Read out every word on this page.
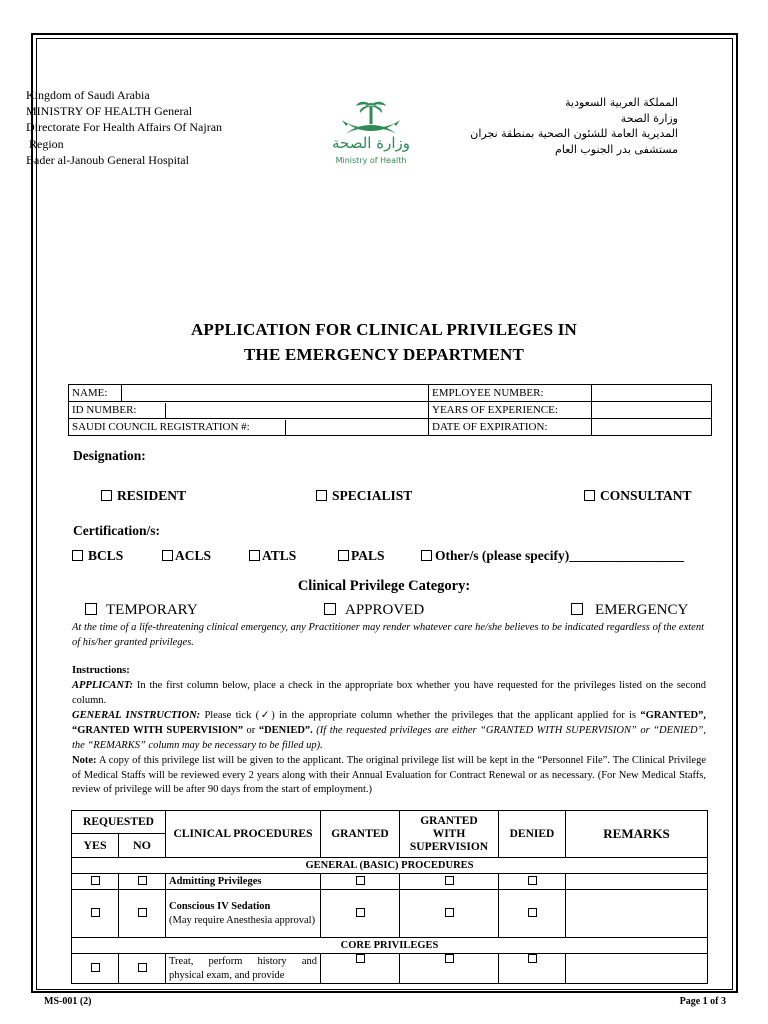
Kingdom of Saudi Arabia
MINISTRY OF HEALTH General
Directorate For Health Affairs Of Najran
Region
Bader al-Janoub General Hospital
وزارة الصحة
Ministry of Health
المملكة العربية السعودية
وزارة الصحة
المديرية العامة للشئون الصحية بمنطقة نجران
مستشفى بدر الجنوب العام
APPLICATION FOR CLINICAL PRIVILEGES IN
THE EMERGENCY DEPARTMENT
NAME:		EMPLOYEE NUMBER:	

ID NUMBER:		YEARS OF EXPERIENCE:	

SAUDI COUNCIL REGISTRATION #:		DATE OF EXPIRATION:	
Designation:
RESIDENT	SPECIALIST	CONSULTANT
Certification/s:
BCLS	ACLS	ATLS	PALS	Other/s (please specify)_________________
Clinical Privilege Category:
TEMPORARY	APPROVED	EMERGENCY
At the time of a life-threatening clinical emergency, any Practitioner may render whatever care he/she believes to be indicated regardless of the extent of his/her granted privileges.
Instructions:
APPLICANT: In the first column below, place a check in the appropriate box whether you have requested for the privileges listed on the second column.
GENERAL INSTRUCTION: Please tick (✓) in the appropriate column whether the privileges that the applicant applied for is “GRANTED”, “GRANTED WITH SUPERVISION” or “DENIED”. (If the requested privileges are either “GRANTED WITH SUPERVISION” or “DENIED”, the “REMARKS” column may be necessary to be filled up).
Note: A copy of this privilege list will be given to the applicant. The original privilege list will be kept in the “Personnel File”. The Clinical Privilege of Medical Staffs will be reviewed every 2 years along with their Annual Evaluation for Contract Renewal or as necessary. (For New Medical Staffs, review of privilege will be after 90 days from the start of employment.)
REQUESTED		CLINICAL PROCEDURES	GRANTED	GRANTED WITH SUPERVISION	DENIED	REMARKS
YES	NO					
GENERAL (BASIC) PROCEDURES						
		Admitting Privileges				
		Conscious IV Sedation
(May require Anesthesia approval)				
CORE PRIVILEGES						
		Treat, perform history and physical exam, and provide				
MS-001 (2)	Page 1 of 3
